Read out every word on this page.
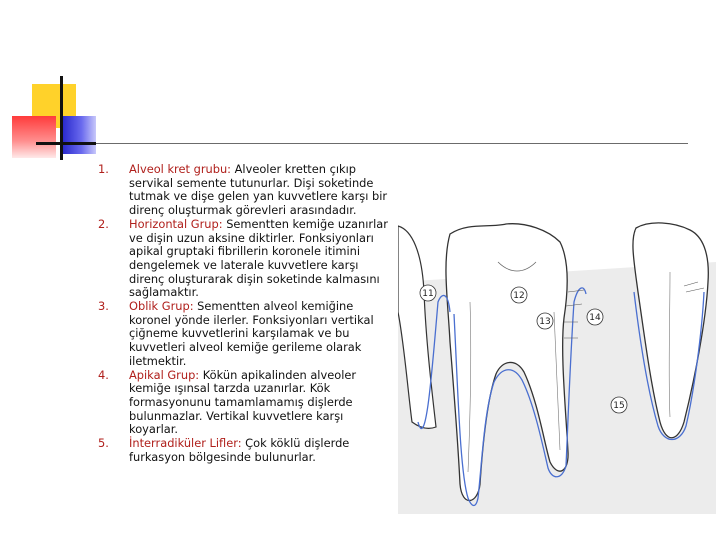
1. Alveol kret grubu: Alveoler kretten çıkıp servikal semente tutunurlar. Dişi soketinde tutmak ve dişe gelen yan kuvvetlere karşı bir direnç oluşturmak görevleri arasındadır.
2. Horizontal Grup: Sementten kemiğe uzanırlar ve dişin uzun aksine diktirler. Fonksiyonları apikal gruptaki fibrillerin koronele itimini dengelemek ve laterale kuvvetlere karşı direnç oluşturarak dişin soketinde kalmasını sağlamaktır.
3. Oblik Grup: Sementten alveol kemiğine koronel yönde ilerler. Fonksiyonları vertikal çiğneme kuvvetlerini karşılamak ve bu kuvvetleri alveol kemiğe gerileme olarak iletmektir.
4. Apikal Grup: Kökün apikalinden alveoler kemiğe ışınsal tarzda uzanırlar. Kök formasyonunu tamamlamamış dişlerde bulunmazlar. Vertikal kuvvetlere karşı koyarlar.
5. İnterradiküler Lifler: Çok köklü dişlerde furkasyon bölgesinde bulunurlar.
11	12
13	14
15
